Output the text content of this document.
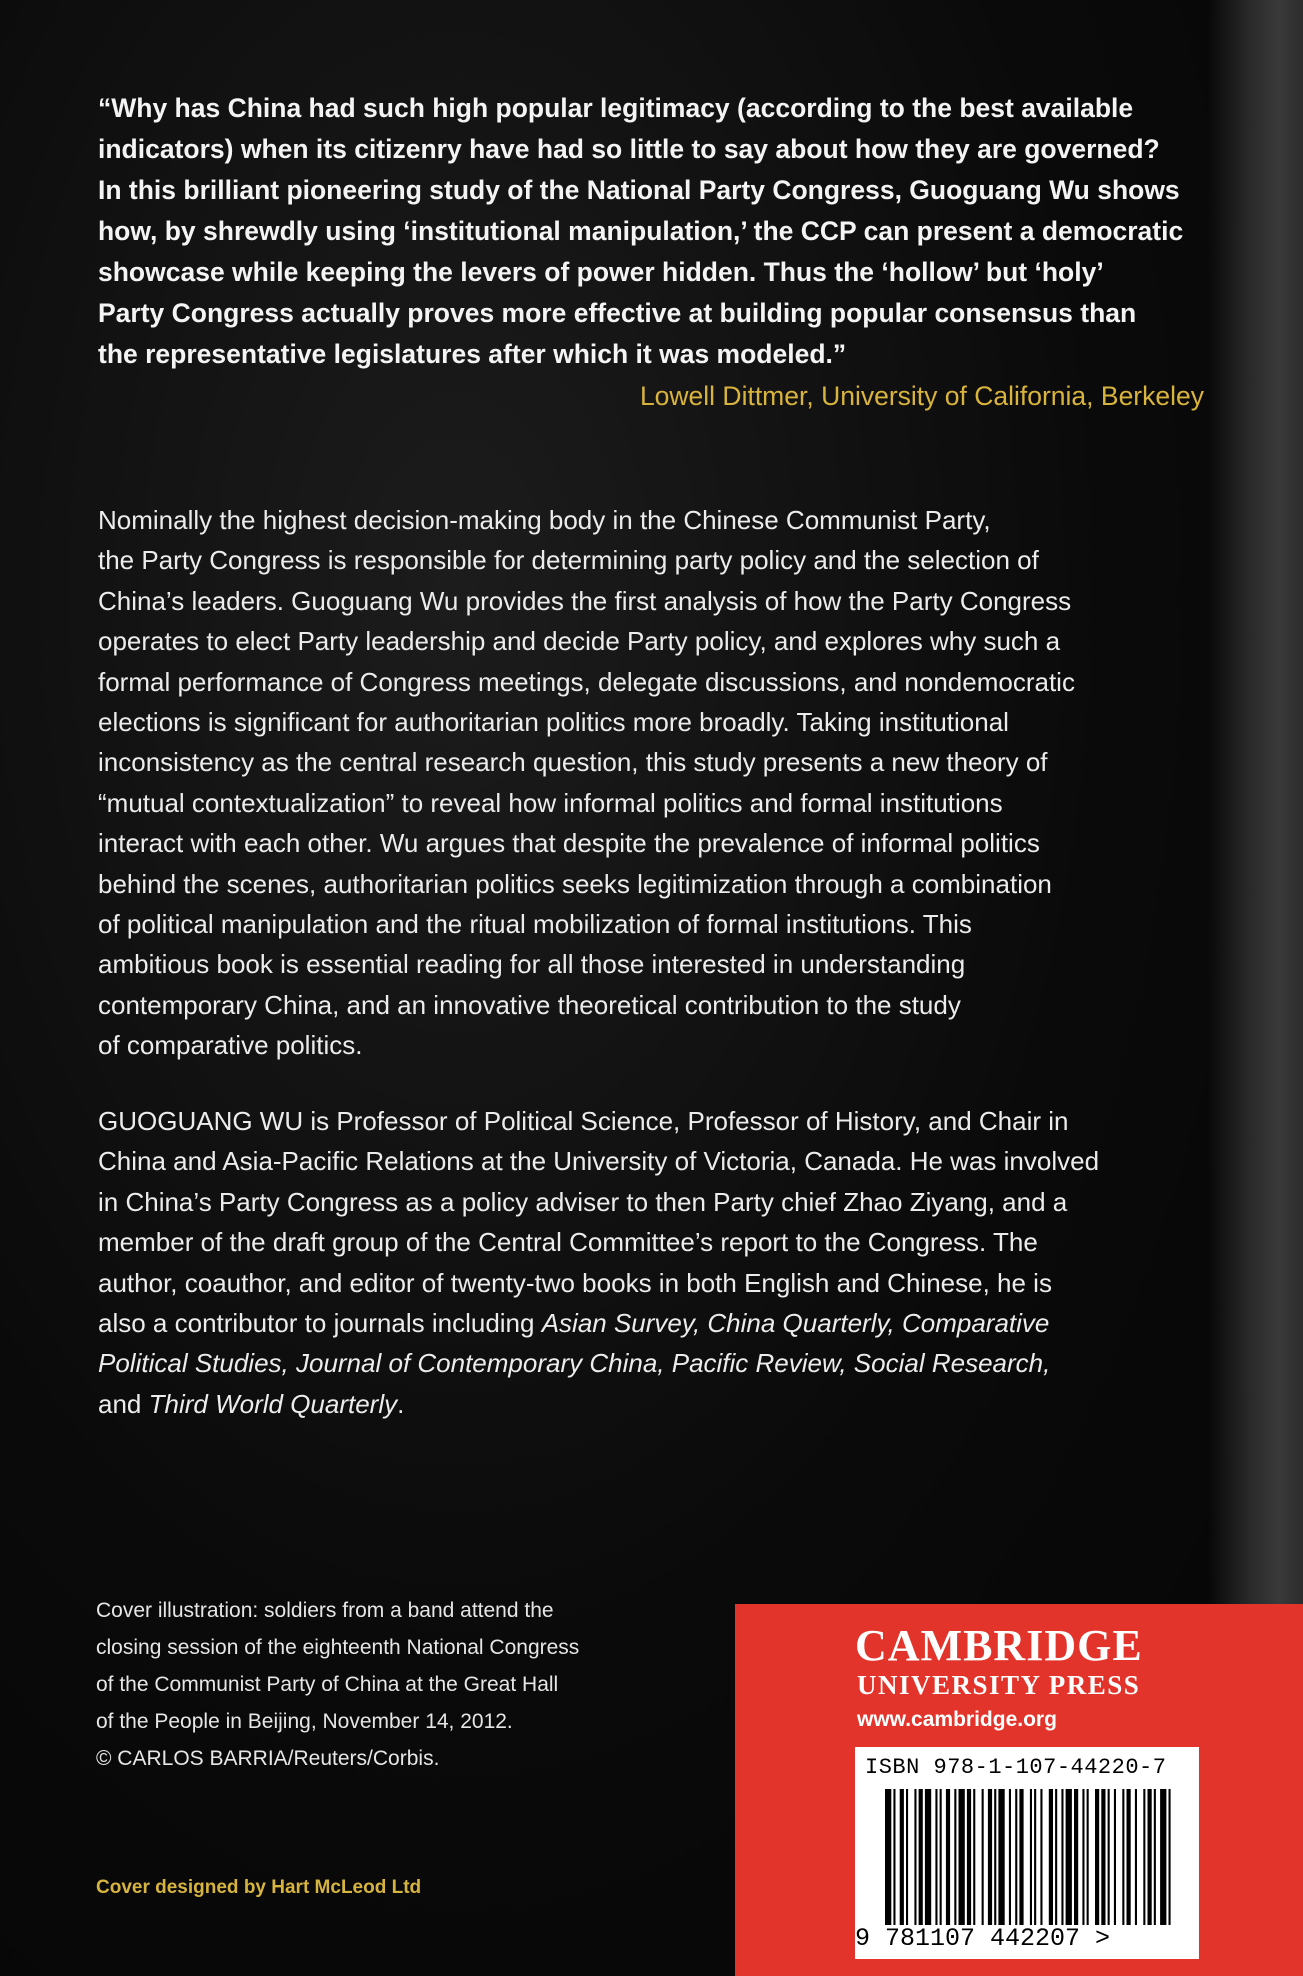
“Why has China had such high popular legitimacy (according to the best available
indicators) when its citizenry have had so little to say about how they are governed?
In this brilliant pioneering study of the National Party Congress, Guoguang Wu shows
how, by shrewdly using ‘institutional manipulation,’ the CCP can present a democratic
showcase while keeping the levers of power hidden. Thus the ‘hollow’ but ‘holy’
Party Congress actually proves more effective at building popular consensus than
the representative legislatures after which it was modeled.”

Lowell Dittmer, University of California, Berkeley

Nominally the highest decision-making body in the Chinese Communist Party,
the Party Congress is responsible for determining party policy and the selection of
China’s leaders. Guoguang Wu provides the first analysis of how the Party Congress
operates to elect Party leadership and decide Party policy, and explores why such a
formal performance of Congress meetings, delegate discussions, and nondemocratic
elections is significant for authoritarian politics more broadly. Taking institutional
inconsistency as the central research question, this study presents a new theory of
“mutual contextualization” to reveal how informal politics and formal institutions
interact with each other. Wu argues that despite the prevalence of informal politics
behind the scenes, authoritarian politics seeks legitimization through a combination
of political manipulation and the ritual mobilization of formal institutions. This
ambitious book is essential reading for all those interested in understanding
contemporary China, and an innovative theoretical contribution to the study
of comparative politics.

GUOGUANG WU is Professor of Political Science, Professor of History, and Chair in
China and Asia-Pacific Relations at the University of Victoria, Canada. He was involved
in China’s Party Congress as a policy adviser to then Party chief Zhao Ziyang, and a
member of the draft group of the Central Committee’s report to the Congress. The
author, coauthor, and editor of twenty-two books in both English and Chinese, he is
also a contributor to journals including Asian Survey, China Quarterly, Comparative
Political Studies, Journal of Contemporary China, Pacific Review, Social Research,
and Third World Quarterly.

Cover illustration: soldiers from a band attend the
closing session of the eighteenth National Congress
of the Communist Party of China at the Great Hall
of the People in Beijing, November 14, 2012.
© CARLOS BARRIA/Reuters/Corbis.

Cover designed by Hart McLeod Ltd
CAMBRIDGE
UNIVERSITY PRESS
www.cambridge.org
ISBN 978-1-107-44220-7
9 781107 442207 >
